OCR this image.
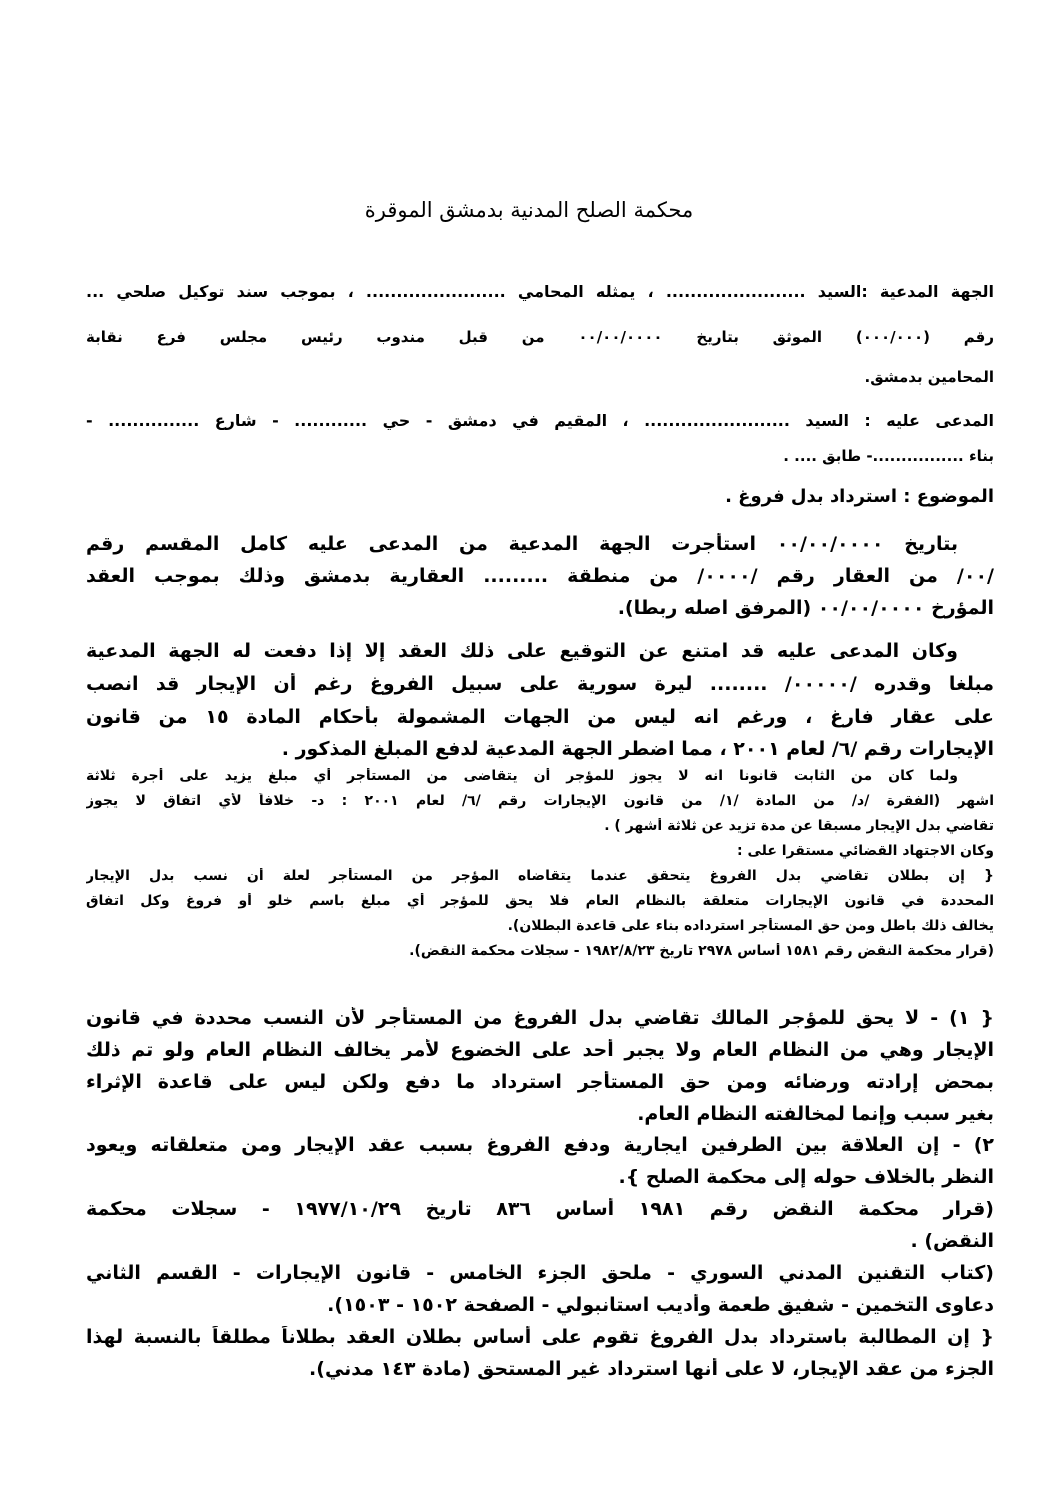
محكمة الصلح المدنية بدمشق الموقرة
الجهة المدعية :السيد ....................... ، يمثله المحامي ....................... ، بموجب سند توكيل صلحي ...
رقم (٠٠٠/٠٠٠) الموثق بتاريخ ٠٠/٠٠/٠٠٠٠ من قبل مندوب رئيس مجلس فرع نقابة
المحامين بدمشق.
المدعى عليه : السيد ........................ ، المقيم في دمشق - حي ............ - شارع ............... -
بناء ................- طابق .... .
الموضوع : استرداد بدل فروغ .
بتاريخ ٠٠/٠٠/٠٠٠٠ استأجرت الجهة المدعية من المدعى عليه كامل المقسم رقم
/٠٠/ من العقار رقم /٠٠٠٠/ من منطقة ......... العقارية بدمشق وذلك بموجب العقد
المؤرخ ٠٠/٠٠/٠٠٠٠ (المرفق اصله ربطا).
وكان المدعى عليه قد امتنع عن التوقيع على ذلك العقد إلا إذا دفعت له الجهة المدعية
مبلغا وقدره /٠٠٠٠٠/ ........ ليرة سورية على سبيل الفروغ رغم أن الإيجار قد انصب
على عقار فارغ ، ورغم انه ليس من الجهات المشمولة بأحكام المادة ١٥ من قانون
الإيجارات رقم /٦/ لعام ٢٠٠١ ، مما اضطر الجهة المدعية لدفع المبلغ المذكور .
ولما كان من الثابت قانونا انه لا يجوز للمؤجر أن يتقاضى من المستأجر أي مبلغ يزيد على أجرة ثلاثة
اشهر (الفقرة /د/ من المادة /١/ من قانون الإيجارات رقم /٦/ لعام ٢٠٠١ : د- خلافاً لأي اتفاق لا يجوز
تقاضي بدل الإيجار مسبقا عن مدة تزيد عن ثلاثة أشهر ) .
وكان الاجتهاد القضائي مستقرا على :
{ إن بطلان تقاضي بدل الفروغ يتحقق عندما يتقاضاه المؤجر من المستأجر لعلة أن نسب بدل الإيجار
المحددة في قانون الإيجارات متعلقة بالنظام العام فلا يحق للمؤجر أي مبلغ باسم خلو أو فروغ وكل اتفاق
يخالف ذلك باطل ومن حق المستأجر استرداده بناء على قاعدة البطلان).
(قرار محكمة النقض رقم ١٥٨١ أساس ٢٩٧٨ تاريخ ١٩٨٢/٨/٢٣ - سجلات محكمة النقض).
{ ١) - لا يحق للمؤجر المالك تقاضي بدل الفروغ من المستأجر لأن النسب محددة في قانون
الإيجار وهي من النظام العام ولا يجبر أحد على الخضوع لأمر يخالف النظام العام ولو تم ذلك
بمحض إرادته ورضائه ومن حق المستأجر استرداد ما دفع ولكن ليس على قاعدة الإثراء
بغير سبب وإنما لمخالفته النظام العام.
٢) - إن العلاقة بين الطرفين ايجارية ودفع الفروغ بسبب عقد الإيجار ومن متعلقاته ويعود
النظر بالخلاف حوله إلى محكمة الصلح }.
(قرار محكمة النقض رقم ١٩٨١ أساس ٨٣٦ تاريخ ١٩٧٧/١٠/٢٩ - سجلات محكمة
النقض) .
(كتاب التقنين المدني السوري - ملحق الجزء الخامس - قانون الإيجارات - القسم الثاني
دعاوى التخمين - شفيق طعمة وأديب استانبولي - الصفحة ١٥٠٢ - ١٥٠٣).
{ إن المطالبة باسترداد بدل الفروغ تقوم على أساس بطلان العقد بطلاناً مطلقاً بالنسبة لهذا
الجزء من عقد الإيجار، لا على أنها استرداد غير المستحق (مادة ١٤٣ مدني).
